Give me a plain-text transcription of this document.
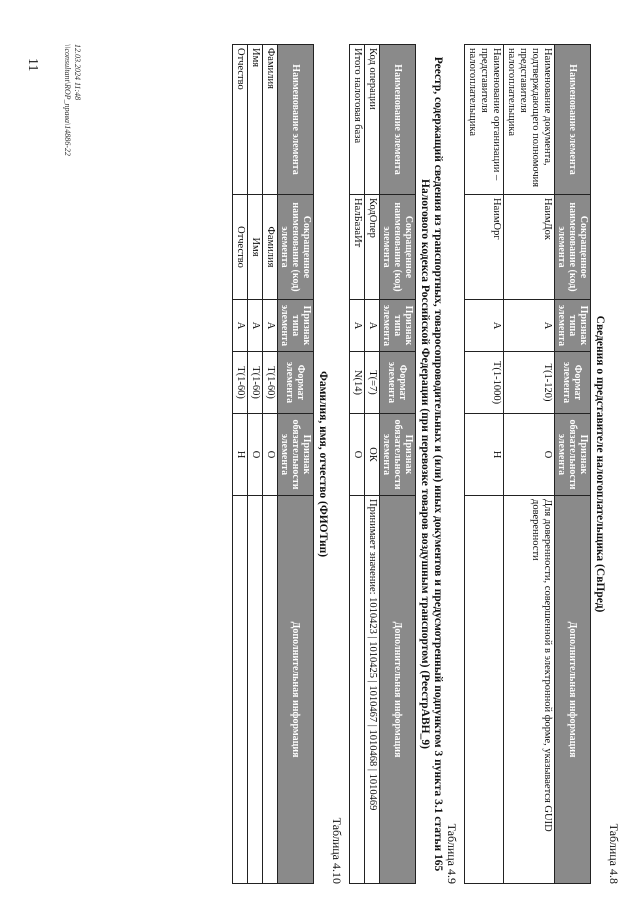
11

Таблица 4.8

Сведения о представителе налогоплательщика (СвПред)

Наименование элемента	Сокращенное наименование (код) элемента	Признак типа элемента	Формат элемента	Признак обязательности элемента	Дополнительная информация
Наименование документа, подтверждающего полномочия представителя налогоплательщика	НаимДок	А	Т(1-120)	О	Для доверенности, совершенной в электронной форме, указывается GUID доверенности
Наименование организации – представителя налогоплательщика	НаимОрг	А	Т(1-1000)	Н	

Таблица 4.9

Реестр, содержащий сведения из транспортных, товаросопроводительных и (или) иных документов и предусмотренный подпунктом 3 пункта 3.1 статьи 165 Налогового кодекса Российской Федерации (при перевозке товаров воздушным транспортом) (РеестрАВН_9)

Наименование элемента	Сокращенное наименование (код) элемента	Признак типа элемента	Формат элемента	Признак обязательности элемента	Дополнительная информация
Код операции	КодОпер	А	Т(=7)	ОК	Принимает значение: 1010423 | 1010425 | 1010467 | 1010468 | 1010469
Итого налоговая база	НалБазаИт	А	N(14)	О	

Таблица 4.10

Фамилия, имя, отчество (ФИОТип)

Наименование элемента	Сокращенное наименование (код) элемента	Признак типа элемента	Формат элемента	Признак обязательности элемента	Дополнительная информация
Фамилия	Фамилия	А	Т(1-60)	О	
Имя	Имя	А	Т(1-60)	О	
Отчество	Отчество	А	Т(1-60)	Н	
12.03.2024 11:48
\\consultant\ROP_права\14886-22
